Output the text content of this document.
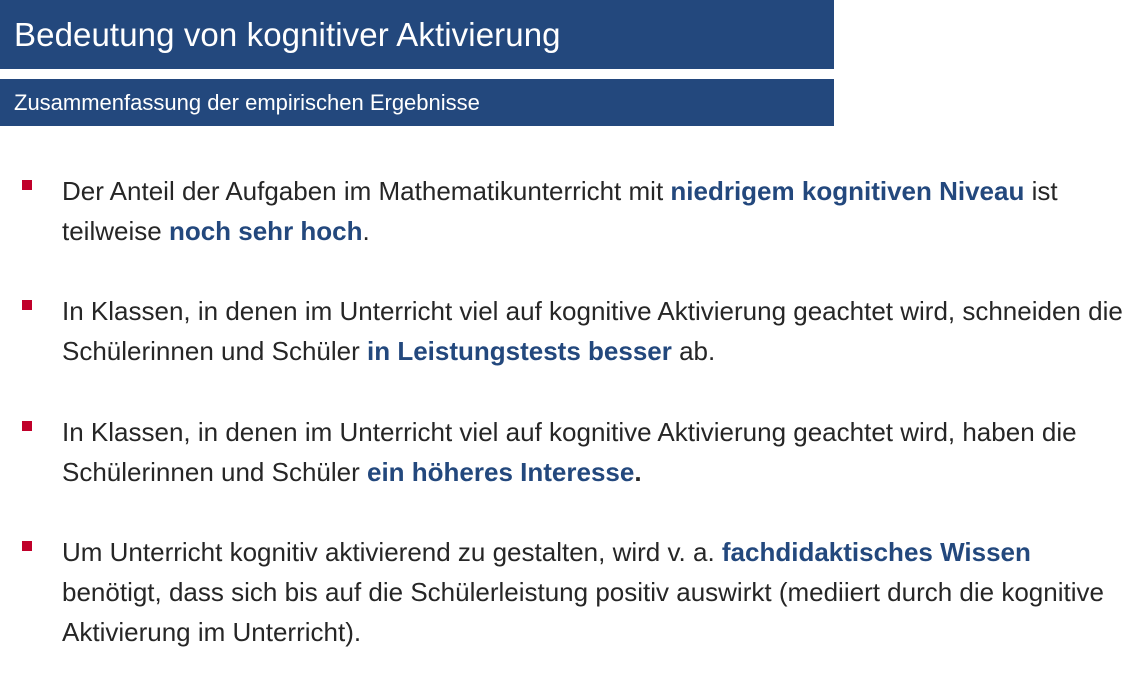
Bedeutung von kognitiver Aktivierung
Zusammenfassung der empirischen Ergebnisse

Der Anteil der Aufgaben im Mathematikunterricht mit niedrigem kognitiven Niveau ist teilweise noch sehr hoch.

In Klassen, in denen im Unterricht viel auf kognitive Aktivierung geachtet wird, schneiden die Schülerinnen und Schüler in Leistungstests besser ab.

In Klassen, in denen im Unterricht viel auf kognitive Aktivierung geachtet wird, haben die Schülerinnen und Schüler ein höheres Interesse.

Um Unterricht kognitiv aktivierend zu gestalten, wird v. a. fachdidaktisches Wissen benötigt, dass sich bis auf die Schülerleistung positiv auswirkt (mediiert durch die kognitive Aktivierung im Unterricht).
